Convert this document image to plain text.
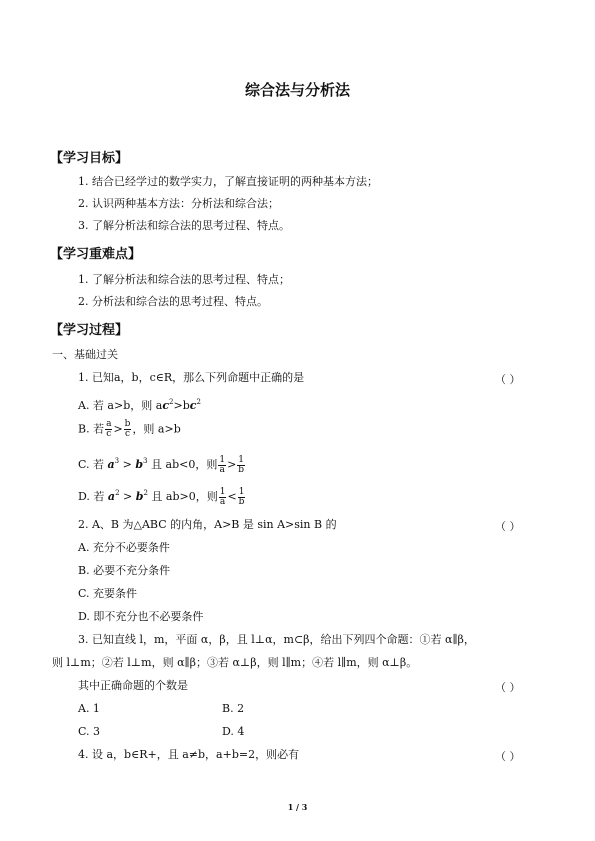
综合法与分析法
【学习目标】
1. 结合已经学过的数学实力，了解直接证明的两种基本方法；
2. 认识两种基本方法：分析法和综合法；
3. 了解分析法和综合法的思考过程、特点。
【学习重难点】
1. 了解分析法和综合法的思考过程、特点；
2. 分析法和综合法的思考过程、特点。
【学习过程】
一、基础过关
1. 已知a，b，c∈R，那么下列命题中正确的是	（ ）
A. 若 a>b，则 $ac^2>bc^2$
B. 若 $\frac{a}{c} > \frac{b}{c}$ ，则 a>b
C. 若 $a^3 > b^3$ 且 ab<0，则 $\frac{1}{a} > \frac{1}{b}$
D. 若 $a^2 > b^2$ 且 ab>0，则 $\frac{1}{a} < \frac{1}{b}$
2. A、B 为△ABC 的内角，A>B 是 sin A>sin B 的	（ ）
A. 充分不必要条件
B. 必要不充分条件
C. 充要条件
D. 即不充分也不必要条件
3. 已知直线 l，m，平面 α，β，且 l⊥α，m⊂β，给出下列四个命题：①若 α∥β，
则 l⊥m；②若 l⊥m，则 α∥β；③若 α⊥β，则 l∥m；④若 l∥m，则 α⊥β。
其中正确命题的个数是	（ ）
A. 1	B. 2
C. 3	D. 4
4. 设 a，b∈R+，且 a≠b，a+b=2，则必有	（ ）
1 / 3
